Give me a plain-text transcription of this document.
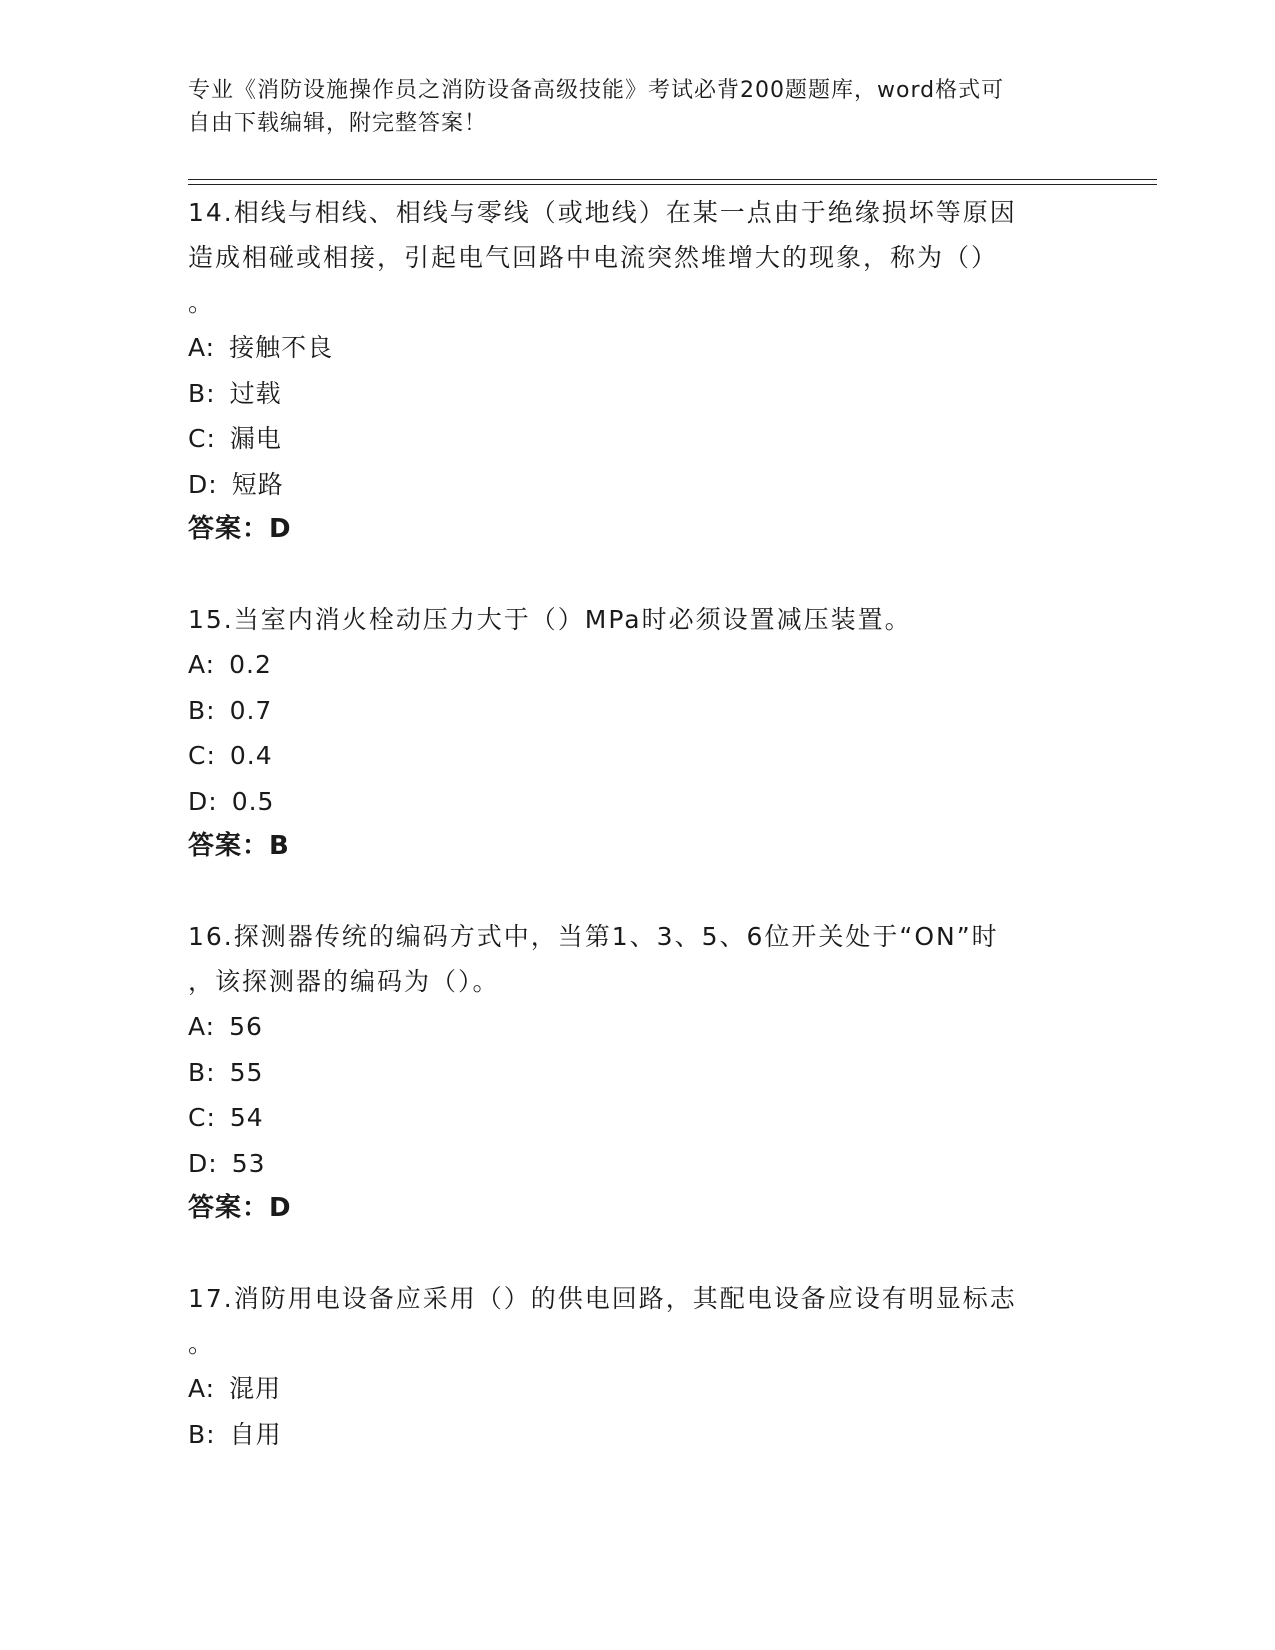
专业《消防设施操作员之消防设备高级技能》考试必背200题题库，word格式可
自由下载编辑，附完整答案！
14.相线与相线、相线与零线（或地线）在某一点由于绝缘损坏等原因
造成相碰或相接，引起电气回路中电流突然堆增大的现象，称为（）
。
A: 接触不良
B: 过载
C: 漏电
D: 短路
答案：D
15.当室内消火栓动压力大于（）MPa时必须设置减压装置。
A: 0.2
B: 0.7
C: 0.4
D: 0.5
答案：B
16.探测器传统的编码方式中，当第1、3、5、6位开关处于“ON”时
，该探测器的编码为（）。
A: 56
B: 55
C: 54
D: 53
答案：D
17.消防用电设备应采用（）的供电回路，其配电设备应设有明显标志
。
A: 混用
B: 自用
